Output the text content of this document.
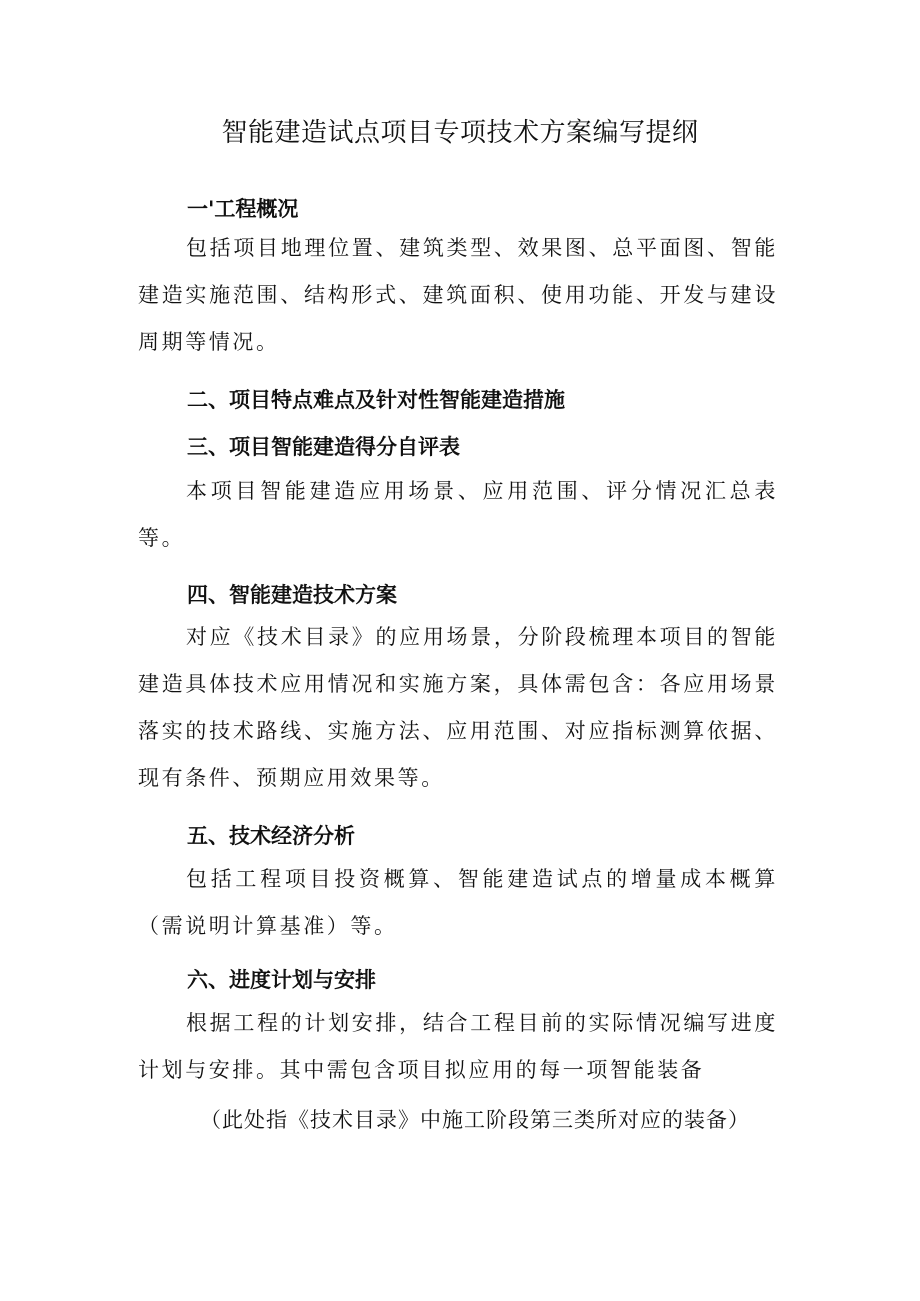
智能建造试点项目专项技术方案编写提纲
一'工程概况
包括项目地理位置、建筑类型、效果图、总平面图、智能建造实施范围、结构形式、建筑面积、使用功能、开发与建设周期等情况。
二、项目特点难点及针对性智能建造措施
三、项目智能建造得分自评表
本项目智能建造应用场景、应用范围、评分情况汇总表等。
四、智能建造技术方案
对应《技术目录》的应用场景，分阶段梳理本项目的智能建造具体技术应用情况和实施方案，具体需包含：各应用场景落实的技术路线、实施方法、应用范围、对应指标测算依据、现有条件、预期应用效果等。
五、技术经济分析
包括工程项目投资概算、智能建造试点的增量成本概算（需说明计算基准）等。
六、进度计划与安排
根据工程的计划安排，结合工程目前的实际情况编写进度计划与安排。其中需包含项目拟应用的每一项智能装备
（此处指《技术目录》中施工阶段第三类所对应的装备）
